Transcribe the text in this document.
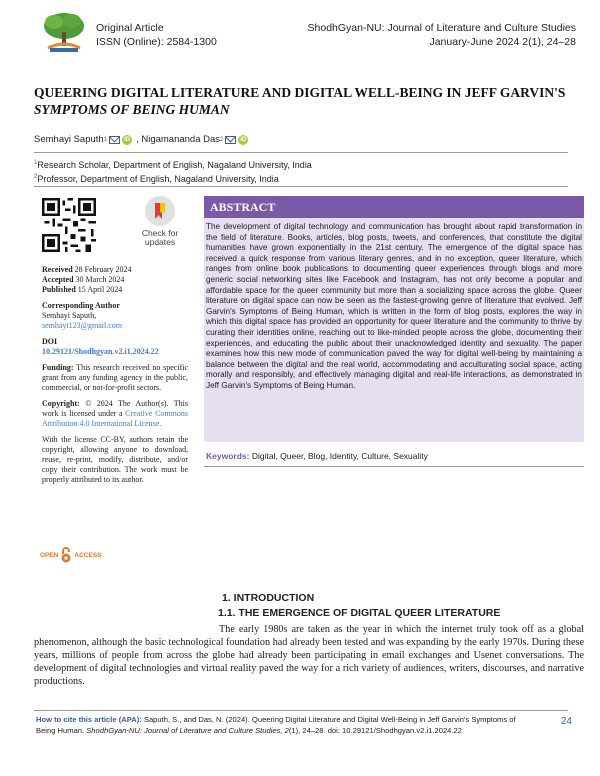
Original Article
ISSN (Online): 2584-1300
ShodhGyan-NU: Journal of Literature and Culture Studies
January-June 2024 2(1), 24–28
QUEERING DIGITAL LITERATURE AND DIGITAL WELL-BEING IN JEFF GARVIN'S
SYMPTOMS OF BEING HUMAN
Semhayi Saputh 1	iD , Nigamananda Das 2	iD
$^1$Research Scholar, Department of English, Nagaland University, India
$^2$Professor, Department of English, Nagaland University, India
Check for
updates
Received 28 February 2024
Accepted 30 March 2024

Published 15 April 2024

Corresponding Author
Semhayi Saputh,

semhayi123@gmail.com

DOI

10.29121/Shodhgyan.v2.i1.2024.22

Funding: This research received no specific grant from any funding agency in the public, commercial, or not-for-profit sectors.

Copyright: © 2024 The Author(s). This work is licensed under a Creative Commons Attribution 4.0 International License.

With the license CC-BY, authors retain the copyright, allowing anyone to download, reuse, re-print, modify, distribute, and/or copy their contribution. The work must be properly attributed to its author.

OPEN ACCESS
ABSTRACT
The development of digital technology and communication has brought about rapid transformation in the field of literature. Books, articles, blog posts, tweets, and conferences, that constitute the digital humanities have grown exponentially in the 21st century. The emergence of the digital space has received a quick response from various literary genres, and in no exception, queer literature, which ranges from online book publications to documenting queer experiences through blogs and more generic social networking sites like Facebook and Instagram, has not only become a popular and affordable space for the queer community but more than a socializing space across the globe. Queer literature on digital space can now be seen as the fastest-growing genre of literature that evolved. Jeff Garvin's Symptoms of Being Human, which is written in the form of blog posts, explores the way in which this digital space has provided an opportunity for queer literature and the community to thrive by curating their identities online, reaching out to like-minded people across the globe, documenting their experiences, and educating the public about their unacknowledged identity and sexuality. The paper examines how this new mode of communication paved the way for digital well-being by maintaining a balance between the digital and the real world, accommodating and acculturating social space, acting morally and responsibly, and effectively managing digital and real-life interactions, as demonstrated in Jeff Garvin's Symptoms of Being Human.
Keywords: Digital, Queer, Blog, Identity, Culture, Sexuality
1. INTRODUCTION
1.1. THE EMERGENCE OF DIGITAL QUEER LITERATURE
The early 1980s are taken as the year in which the internet truly took off as a global phenomenon, although the basic technological foundation had already been tested and was expanding by the early 1970s. During these years, millions of people from across the globe had already been participating in email exchanges and Usenet conversations. The development of digital technologies and virtual reality paved the way for a rich variety of audiences, writers, discourses, and narrative productions.
How to cite this article (APA): Saputh, S., and Das, N. (2024). Queering Digital Literature and Digital Well-Being in Jeff Garvin's Symptoms of Being Human. ShodhGyan-NU: Journal of Literature and Culture Studies, 2(1), 24–28. doi: 10.29121/Shodhgyan.v2.i1.2024.22
24
